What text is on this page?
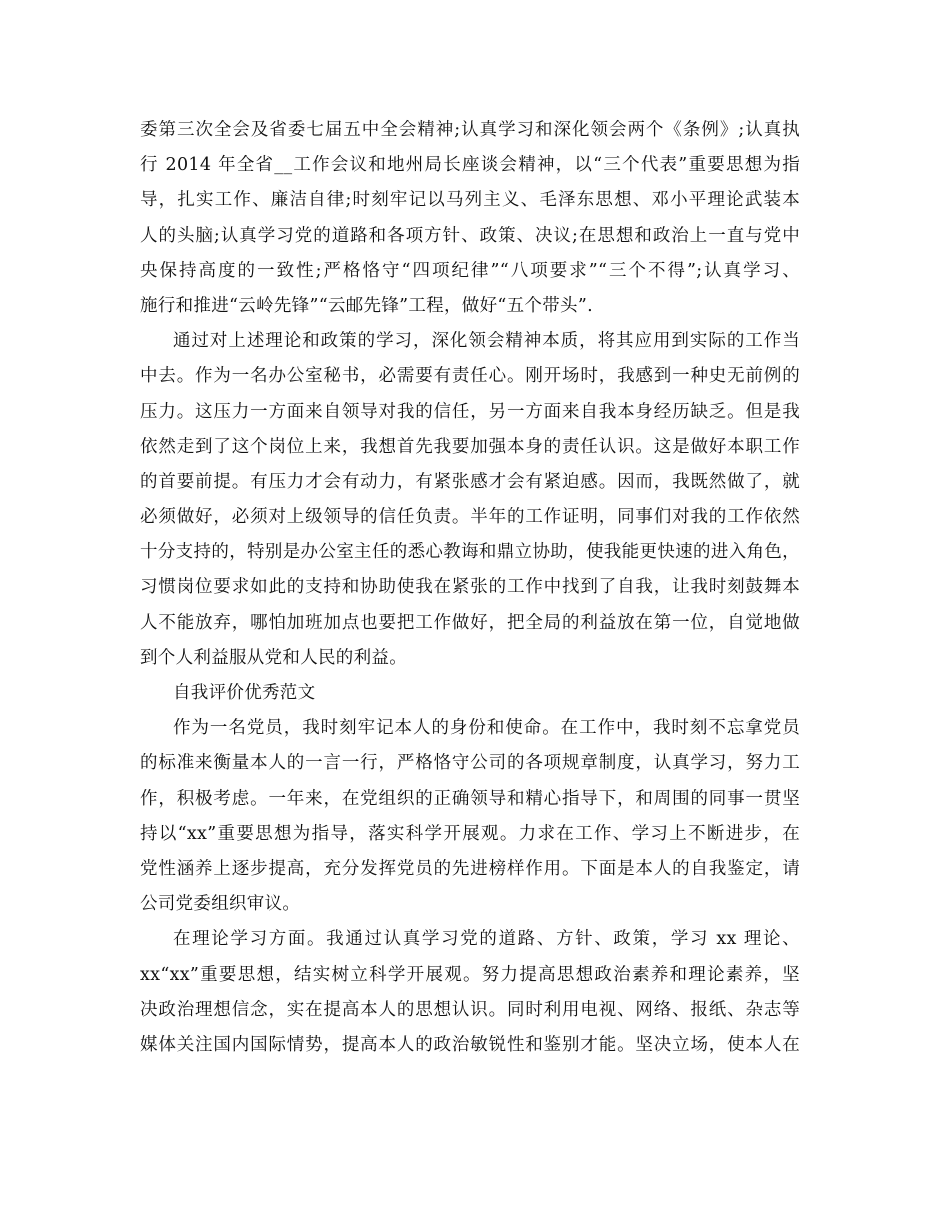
委第三次全会及省委七届五中全会精神;认真学习和深化领会两个《条例》;认真执
行 2014 年全省__工作会议和地州局长座谈会精神，以“三个代表”重要思想为指
导，扎实工作、廉洁自律;时刻牢记以马列主义、毛泽东思想、邓小平理论武装本
人的头脑;认真学习党的道路和各项方针、政策、决议;在思想和政治上一直与党中
央保持高度的一致性;严格恪守“四项纪律”“八项要求”“三个不得”;认真学习、
施行和推进“云岭先锋”“云邮先锋”工程，做好“五个带头”.
通过对上述理论和政策的学习，深化领会精神本质，将其应用到实际的工作当
中去。作为一名办公室秘书，必需要有责任心。刚开场时，我感到一种史无前例的
压力。这压力一方面来自领导对我的信任，另一方面来自我本身经历缺乏。但是我
依然走到了这个岗位上来，我想首先我要加强本身的责任认识。这是做好本职工作
的首要前提。有压力才会有动力，有紧张感才会有紧迫感。因而，我既然做了，就
必须做好，必须对上级领导的信任负责。半年的工作证明，同事们对我的工作依然
十分支持的，特别是办公室主任的悉心教诲和鼎立协助，使我能更快速的进入角色，
习惯岗位要求如此的支持和协助使我在紧张的工作中找到了自我，让我时刻鼓舞本
人不能放弃，哪怕加班加点也要把工作做好，把全局的利益放在第一位，自觉地做
到个人利益服从党和人民的利益。
自我评价优秀范文
作为一名党员，我时刻牢记本人的身份和使命。在工作中，我时刻不忘拿党员
的标准来衡量本人的一言一行，严格恪守公司的各项规章制度，认真学习，努力工
作，积极考虑。一年来，在党组织的正确领导和精心指导下，和周围的同事一贯坚
持以“xx”重要思想为指导，落实科学开展观。力求在工作、学习上不断进步，在
党性涵养上逐步提高，充分发挥党员的先进榜样作用。下面是本人的自我鉴定，请
公司党委组织审议。
在理论学习方面。我通过认真学习党的道路、方针、政策，学习 xx 理论、
xx“xx”重要思想，结实树立科学开展观。努力提高思想政治素养和理论素养，坚
决政治理想信念，实在提高本人的思想认识。同时利用电视、网络、报纸、杂志等
媒体关注国内国际情势，提高本人的政治敏锐性和鉴别才能。坚决立场，使本人在
